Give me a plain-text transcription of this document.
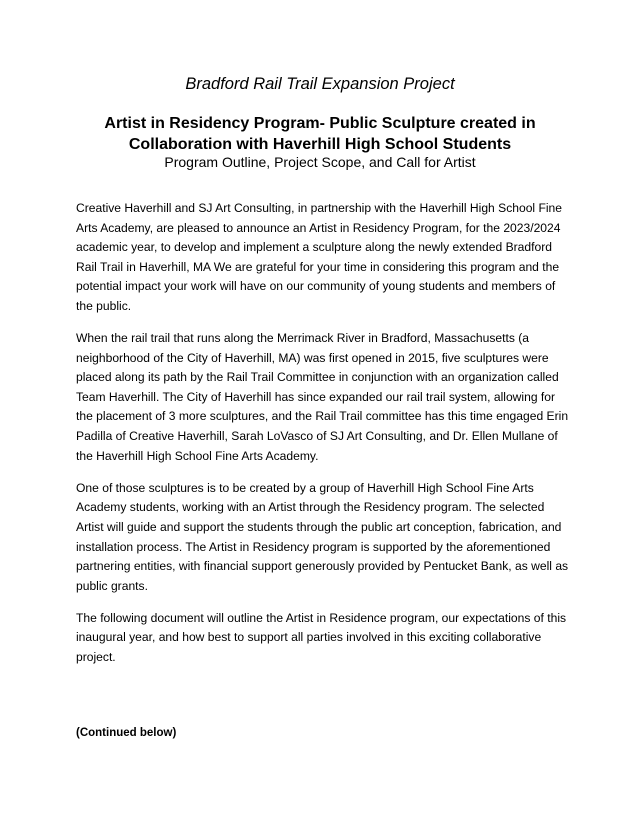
Bradford Rail Trail Expansion Project
Artist in Residency Program- Public Sculpture created in
Collaboration with Haverhill High School Students
Program Outline, Project Scope, and Call for Artist

Creative Haverhill and SJ Art Consulting, in partnership with the Haverhill High School Fine Arts Academy, are pleased to announce an Artist in Residency Program, for the 2023/2024 academic year, to develop and implement a sculpture along the newly extended Bradford Rail Trail in Haverhill, MA We are grateful for your time in considering this program and the potential impact your work will have on our community of young students and members of the public.

When the rail trail that runs along the Merrimack River in Bradford, Massachusetts (a neighborhood of the City of Haverhill, MA) was first opened in 2015, five sculptures were placed along its path by the Rail Trail Committee in conjunction with an organization called Team Haverhill. The City of Haverhill has since expanded our rail trail system, allowing for the placement of 3 more sculptures, and the Rail Trail committee has this time engaged Erin Padilla of Creative Haverhill, Sarah LoVasco of SJ Art Consulting, and Dr. Ellen Mullane of the Haverhill High School Fine Arts Academy.

One of those sculptures is to be created by a group of Haverhill High School Fine Arts Academy students, working with an Artist through the Residency program. The selected Artist will guide and support the students through the public art conception, fabrication, and installation process. The Artist in Residency program is supported by the aforementioned partnering entities, with financial support generously provided by Pentucket Bank, as well as public grants.

The following document will outline the Artist in Residence program, our expectations of this inaugural year, and how best to support all parties involved in this exciting collaborative project.

(Continued below)
